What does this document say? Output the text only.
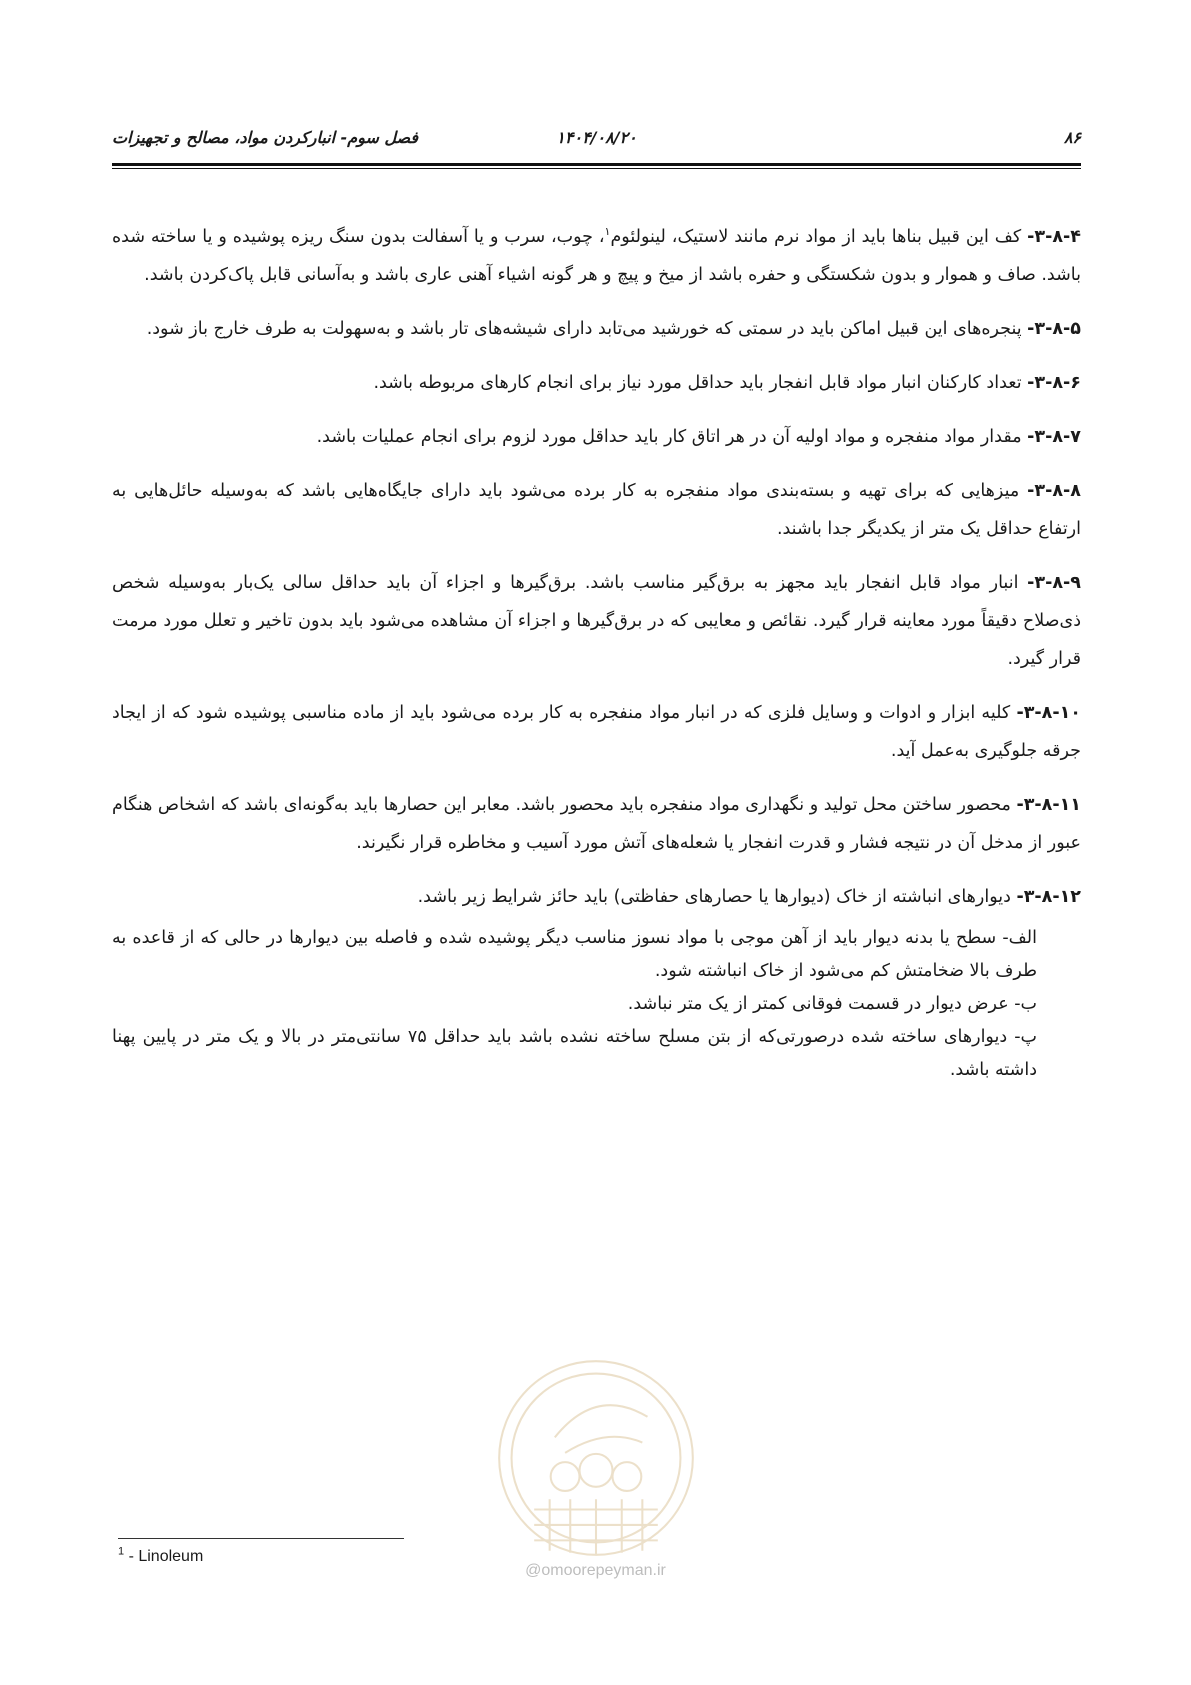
۸۶
۱۴۰۴/۰۸/۲۰
فصل سوم- انبارکردن مواد، مصالح و تجهیزات

۳-۸-۴- کف این قبیل بناها باید از مواد نرم مانند لاستیک، لینولئوم$^۱$، چوب، سرب و یا آسفالت بدون سنگ ریزه پوشیده و یا ساخته شده باشد. صاف و هموار و بدون شکستگی و حفره باشد از میخ و پیچ و هر گونه اشیاء آهنی عاری باشد و به‌آسانی قابل پاک‌کردن باشد.

۳-۸-۵- پنجره‌های این قبیل اماکن باید در سمتی که خورشید می‌تابد دارای شیشه‌های تار باشد و به‌سهولت به طرف خارج باز شود.

۳-۸-۶- تعداد کارکنان انبار مواد قابل انفجار باید حداقل مورد نیاز برای انجام کارهای مربوطه باشد.

۳-۸-۷- مقدار مواد منفجره و مواد اولیه آن در هر اتاق کار باید حداقل مورد لزوم برای انجام عملیات باشد.

۳-۸-۸- میزهایی که برای تهیه و بسته‌بندی مواد منفجره به کار برده می‌شود باید دارای جایگاه‌هایی باشد که به‌وسیله حائل‌هایی به ارتفاع حداقل یک متر از یکدیگر جدا باشند.

۳-۸-۹- انبار مواد قابل انفجار باید مجهز به برق‌گیر مناسب باشد. برق‌گیرها و اجزاء آن باید حداقل سالی یک‌بار به‌وسیله شخص ذی‌صلاح دقیقاً مورد معاینه قرار گیرد. نقائص و معایبی که در برق‌گیرها و اجزاء آن مشاهده می‌شود باید بدون تاخیر و تعلل مورد مرمت قرار گیرد.

۳-۸-۱۰- کلیه ابزار و ادوات و وسایل فلزی که در انبار مواد منفجره به کار برده می‌شود باید از ماده مناسبی پوشیده شود که از ایجاد جرقه جلوگیری به‌عمل آید.

۳-۸-۱۱- محصور ساختن محل تولید و نگهداری مواد منفجره باید محصور باشد. معابر این حصارها باید به‌گونه‌ای باشد که اشخاص هنگام عبور از مدخل آن در نتیجه فشار و قدرت انفجار یا شعله‌های آتش مورد آسیب و مخاطره قرار نگیرند.

۳-۸-۱۲- دیوارهای انباشته از خاک (دیوارها یا حصارهای حفاظتی) باید حائز شرایط زیر باشد.

الف- سطح یا بدنه دیوار باید از آهن موجی با مواد نسوز مناسب دیگر پوشیده شده و فاصله بین دیوارها در حالی که از قاعده به طرف بالا ضخامتش کم می‌شود از خاک انباشته شود.
ب- عرض دیوار در قسمت فوقانی کمتر از یک متر نباشد.
پ- دیوارهای ساخته شده درصورتی‌که از بتن مسلح ساخته نشده باشد باید حداقل ۷۵ سانتی‌متر در بالا و یک متر در پایین پهنا داشته باشد.
@omoorepeyman.ir
$^1$ - Linoleum
